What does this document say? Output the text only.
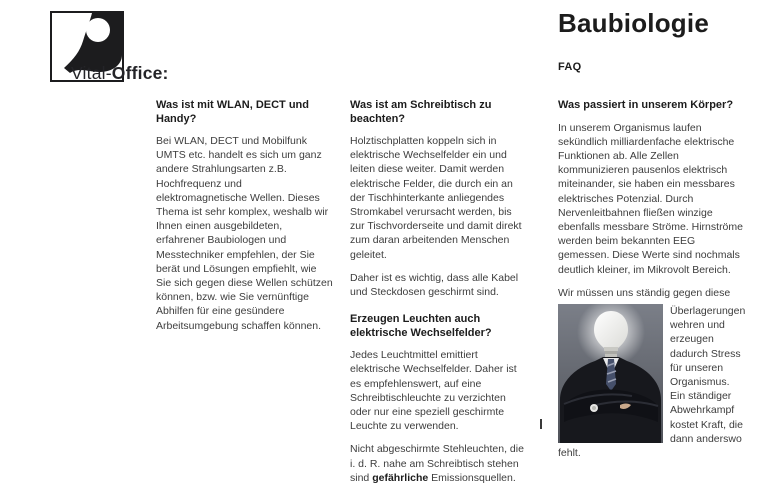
Vital-Office:
Baubiologie
FAQ
Was ist mit WLAN, DECT und Handy?

Bei WLAN, DECT und Mobilfunk UMTS etc. handelt es sich um ganz andere Strahlungsarten z.B. Hochfrequenz und elektromagnetische Wellen. Dieses Thema ist sehr komplex, weshalb wir Ihnen einen ausgebildeten, erfahrener Baubiologen und Messtechniker empfehlen, der Sie berät und Lösungen empfiehlt, wie Sie sich gegen diese Wellen schützen können, bzw. wie Sie vernünftige Abhilfen für eine gesündere Arbeitsumgebung schaffen können.

Was ist am Schreibtisch zu beachten?

Holztischplatten koppeln sich in elektrische Wechselfelder ein und leiten diese weiter. Damit werden elektrische Felder, die durch ein an der Tischhinterkante anliegendes Stromkabel verursacht werden, bis zur Tischvorderseite und damit direkt zum daran arbeitenden Menschen geleitet.

Daher ist es wichtig, dass alle Kabel und Steckdosen geschirmt sind.

Erzeugen Leuchten auch elektrische Wechselfelder?

Jedes Leuchtmittel emittiert elektrische Wechselfelder. Daher ist es empfehlenswert, auf eine Schreibtischleuchte zu verzichten oder nur eine speziell geschirmte Leuchte zu verwenden.

Nicht abgeschirmte Stehleuchten, die i. d. R. nahe am Schreibtisch stehen sind gefährliche Emissionsquellen.

Was passiert in unserem Körper?

In unserem Organismus laufen sekündlich milliardenfache elektrische Funktionen ab. Alle Zellen kommunizieren pausenlos elektrisch miteinander, sie haben ein messbares elektrisches Potenzial. Durch Nervenleitbahnen fließen winzige ebenfalls messbare Ströme. Hirnströme werden beim bekannten EEG gemessen. Diese Werte sind nochmals deutlich kleiner, im Mikrovolt Bereich.

Wir müssen uns ständig gegen diese

Überlagerungen wehren und erzeugen dadurch Stress für unseren Organismus. Ein ständiger Abwehrkampf kostet Kraft, die dann anderswo fehlt.
